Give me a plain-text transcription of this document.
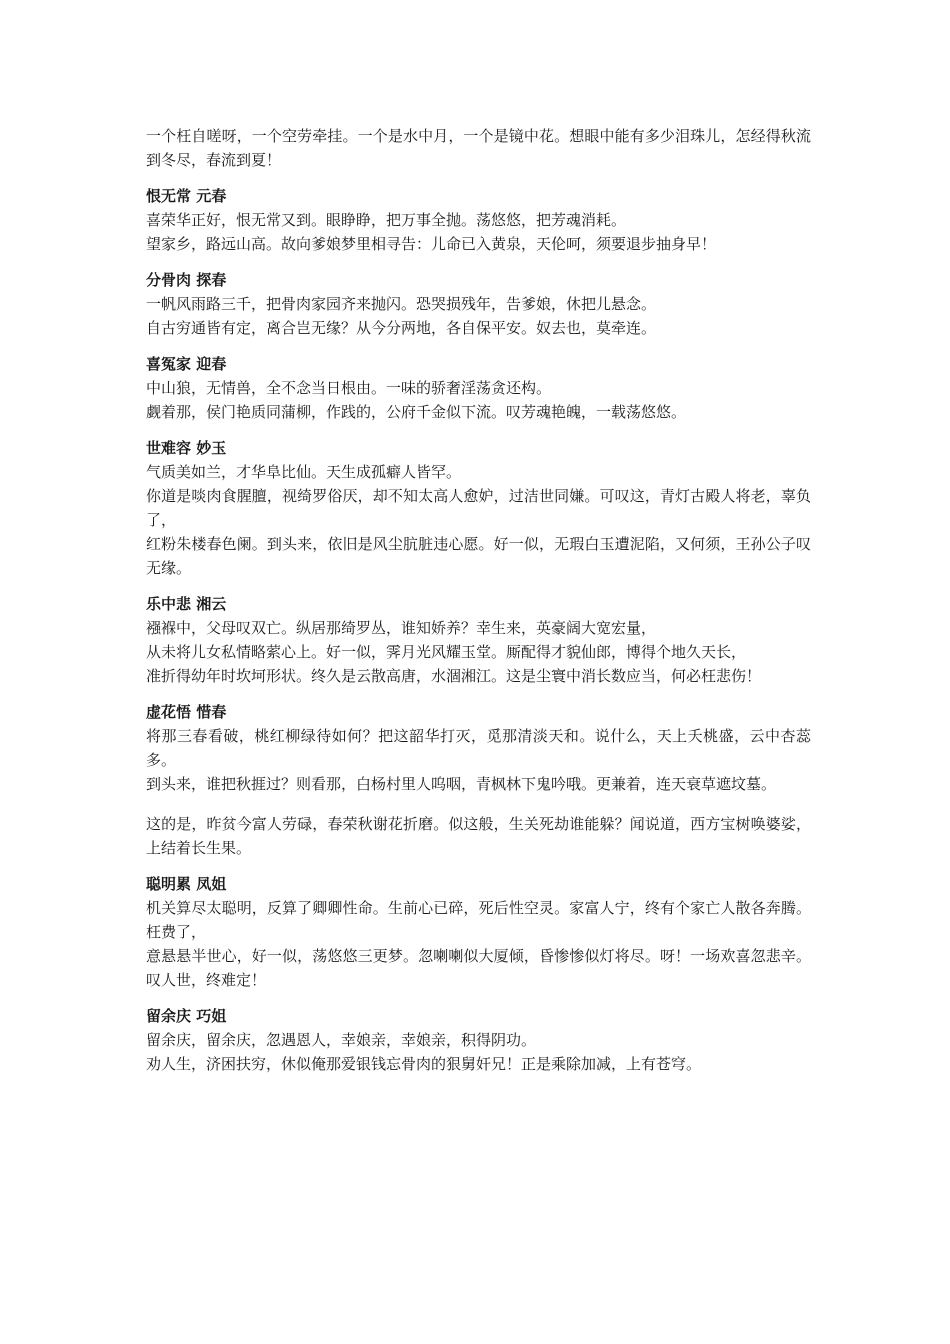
一个枉自嗟呀，一个空劳牵挂。一个是水中月，一个是镜中花。想眼中能有多少泪珠儿，怎经得秋流到冬尽，春流到夏！

恨无常 元春

喜荣华正好，恨无常又到。眼睁睁，把万事全抛。荡悠悠，把芳魂消耗。

望家乡，路远山高。故向爹娘梦里相寻告：儿命已入黄泉，天伦呵，须要退步抽身早！

分骨肉 探春

一帆风雨路三千，把骨肉家园齐来抛闪。恐哭损残年，告爹娘，休把儿悬念。

自古穷通皆有定，离合岂无缘？从今分两地，各自保平安。奴去也，莫牵连。

喜冤家 迎春

中山狼，无情兽，全不念当日根由。一味的骄奢淫荡贪还构。

觑着那，侯门艳质同蒲柳，作践的，公府千金似下流。叹芳魂艳魄，一载荡悠悠。

世难容 妙玉

气质美如兰，才华阜比仙。天生成孤癖人皆罕。

你道是啖肉食腥膻，视绮罗俗厌，却不知太高人愈妒，过洁世同嫌。可叹这，青灯古殿人将老，辜负了，

红粉朱楼春色阑。到头来，依旧是风尘肮脏违心愿。好一似，无瑕白玉遭泥陷，又何须，王孙公子叹无缘。

乐中悲 湘云

襁褓中，父母叹双亡。纵居那绮罗丛，谁知娇养？幸生来，英豪阔大宽宏量，

从未将儿女私情略萦心上。好一似，霁月光风耀玉堂。厮配得才貌仙郎，博得个地久天长，

准折得幼年时坎坷形状。终久是云散高唐，水涸湘江。这是尘寰中消长数应当，何必枉悲伤！

虚花悟 惜春

将那三春看破，桃红柳绿待如何？把这韶华打灭，觅那清淡天和。说什么，天上夭桃盛，云中杏蕊多。

到头来，谁把秋捱过？则看那，白杨村里人呜咽，青枫林下鬼吟哦。更兼着，连天衰草遮坟墓。

这的是，昨贫今富人劳碌，春荣秋谢花折磨。似这般，生关死劫谁能躲？闻说道，西方宝树唤婆娑，上结着长生果。

聪明累 凤姐

机关算尽太聪明，反算了卿卿性命。生前心已碎，死后性空灵。家富人宁，终有个家亡人散各奔腾。枉费了，

意悬悬半世心，好一似，荡悠悠三更梦。忽喇喇似大厦倾，昏惨惨似灯将尽。呀！一场欢喜忽悲辛。叹人世，终难定！

留余庆 巧姐

留余庆，留余庆，忽遇恩人，幸娘亲，幸娘亲，积得阴功。

劝人生，济困扶穷，休似俺那爱银钱忘骨肉的狠舅奸兄！正是乘除加减，上有苍穹。
